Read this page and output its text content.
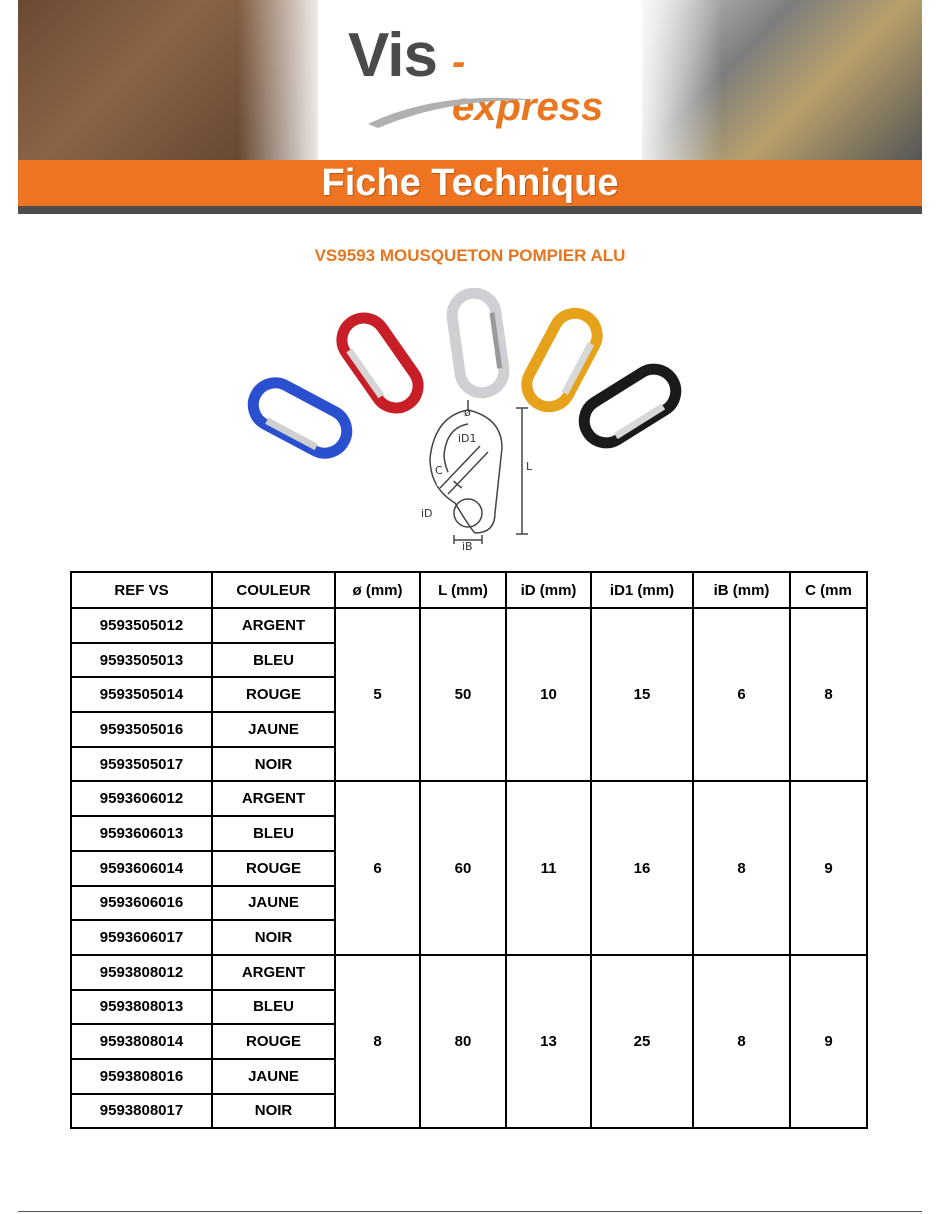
Vis -express
Fiche Technique
VS9593 MOUSQUETON POMPIER ALU
ø
iD1
C	L
iD
iB
REF VS	COULEUR	ø (mm)	L (mm)	iD (mm)	iD1 (mm)	iB (mm)	C (mm
9593505012	ARGENT	5	50	10	15	6	8
9593505013	BLEU						
9593505014	ROUGE						
9593505016	JAUNE						
9593505017	NOIR						
9593606012	ARGENT	6	60	11	16	8	9
9593606013	BLEU						
9593606014	ROUGE						
9593606016	JAUNE						
9593606017	NOIR						
9593808012	ARGENT	8	80	13	25	8	9
9593808013	BLEU						
9593808014	ROUGE						
9593808016	JAUNE						
9593808017	NOIR						
